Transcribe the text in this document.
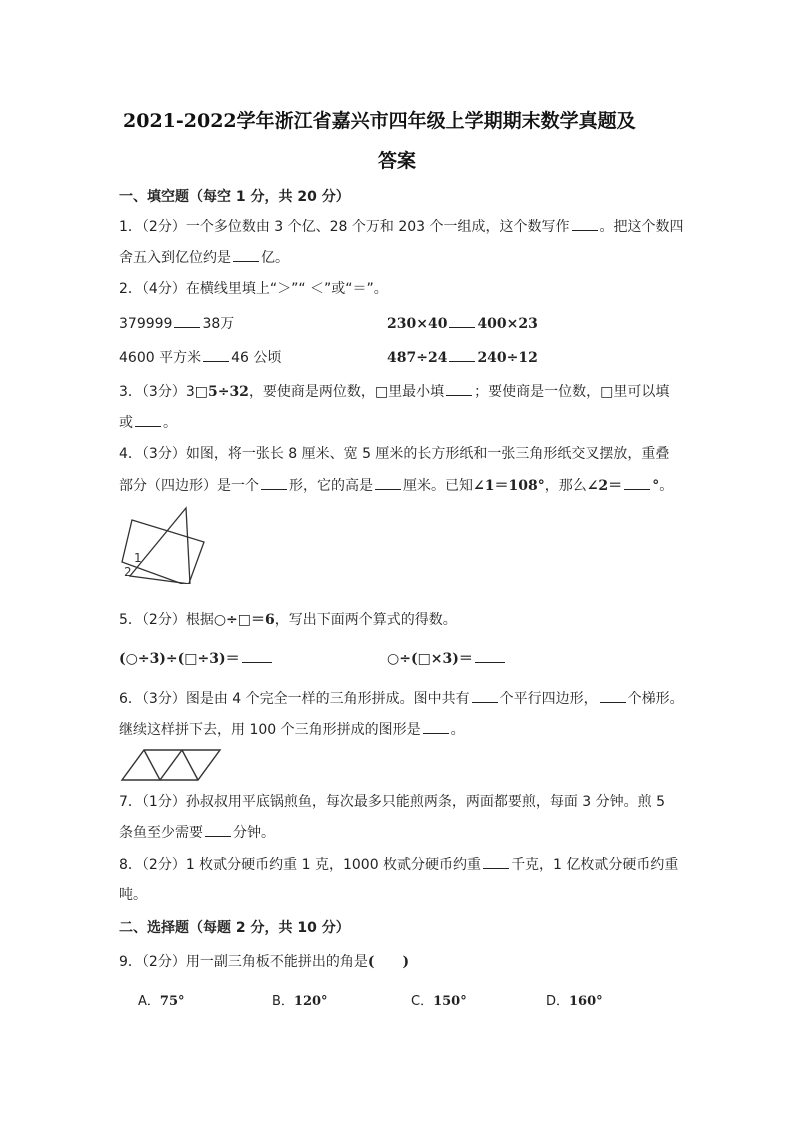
2021-2022学年浙江省嘉兴市四年级上学期期末数学真题及
答案
一、填空题（每空 1 分，共 20 分）
1．（2分）一个多位数由 3 个亿、28 个万和 203 个一组成，这个数写作 。把这个数四
舍五入到亿位约是 亿。
2．（4分）在横线里填上“＞”“ ＜”或“＝”。
379999 38万	230×40 400×23
4600 平方米 46 公顷	487÷24 240÷12
3．（3分）3□5÷32，要使商是两位数，□里最小填 ；要使商是一位数，□里可以填
或 。
4．（3分）如图，将一张长 8 厘米、宽 5 厘米的长方形纸和一张三角形纸交叉摆放，重叠
部分（四边形）是一个 形，它的高是 厘米。已知∠1＝108°，那么∠2＝ °。
1
2
5．（2分）根据○÷□＝6，写出下面两个算式的得数。
(○÷3)÷(□÷3)＝	○÷(□×3)＝
6．（3分）图是由 4 个完全一样的三角形拼成。图中共有 个平行四边形， 个梯形。
继续这样拼下去，用 100 个三角形拼成的图形是 。
7．（1分）孙叔叔用平底锅煎鱼，每次最多只能煎两条，两面都要煎，每面 3 分钟。煎 5
条鱼至少需要 分钟。
8．（2分）1 枚贰分硬币约重 1 克，1000 枚贰分硬币约重 千克，1 亿枚贰分硬币约重
吨。
二、选择题（每题 2 分，共 10 分）
9．（2分）用一副三角板不能拼出的角是(　　)
A．75°	B．120°	C．150°	D．160°
